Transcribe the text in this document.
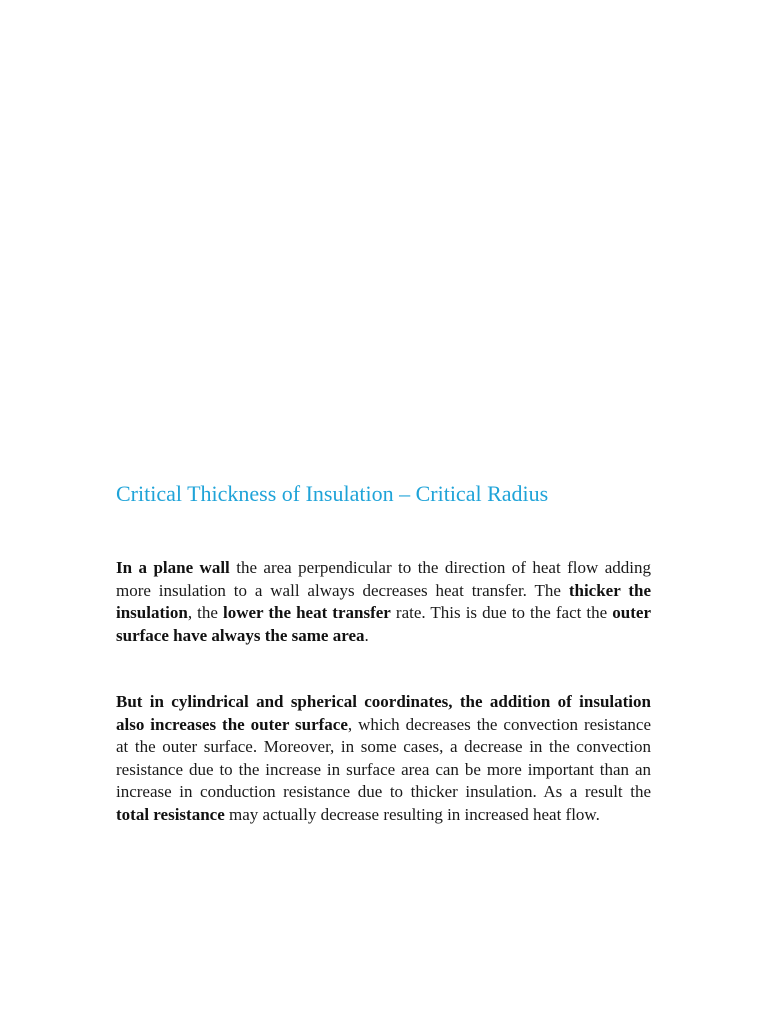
Critical Thickness of Insulation – Critical Radius

In a plane wall the area perpendicular to the direction of heat flow adding more insulation to a wall always decreases heat transfer. The thicker the insulation, the lower the heat transfer rate. This is due to the fact the outer surface have always the same area.

But in cylindrical and spherical coordinates, the addition of insulation also increases the outer surface, which decreases the convection resistance at the outer surface. Moreover, in some cases, a decrease in the convection resistance due to the increase in surface area can be more important than an increase in conduction resistance due to thicker insulation. As a result the total resistance may actually decrease resulting in increased heat flow.
